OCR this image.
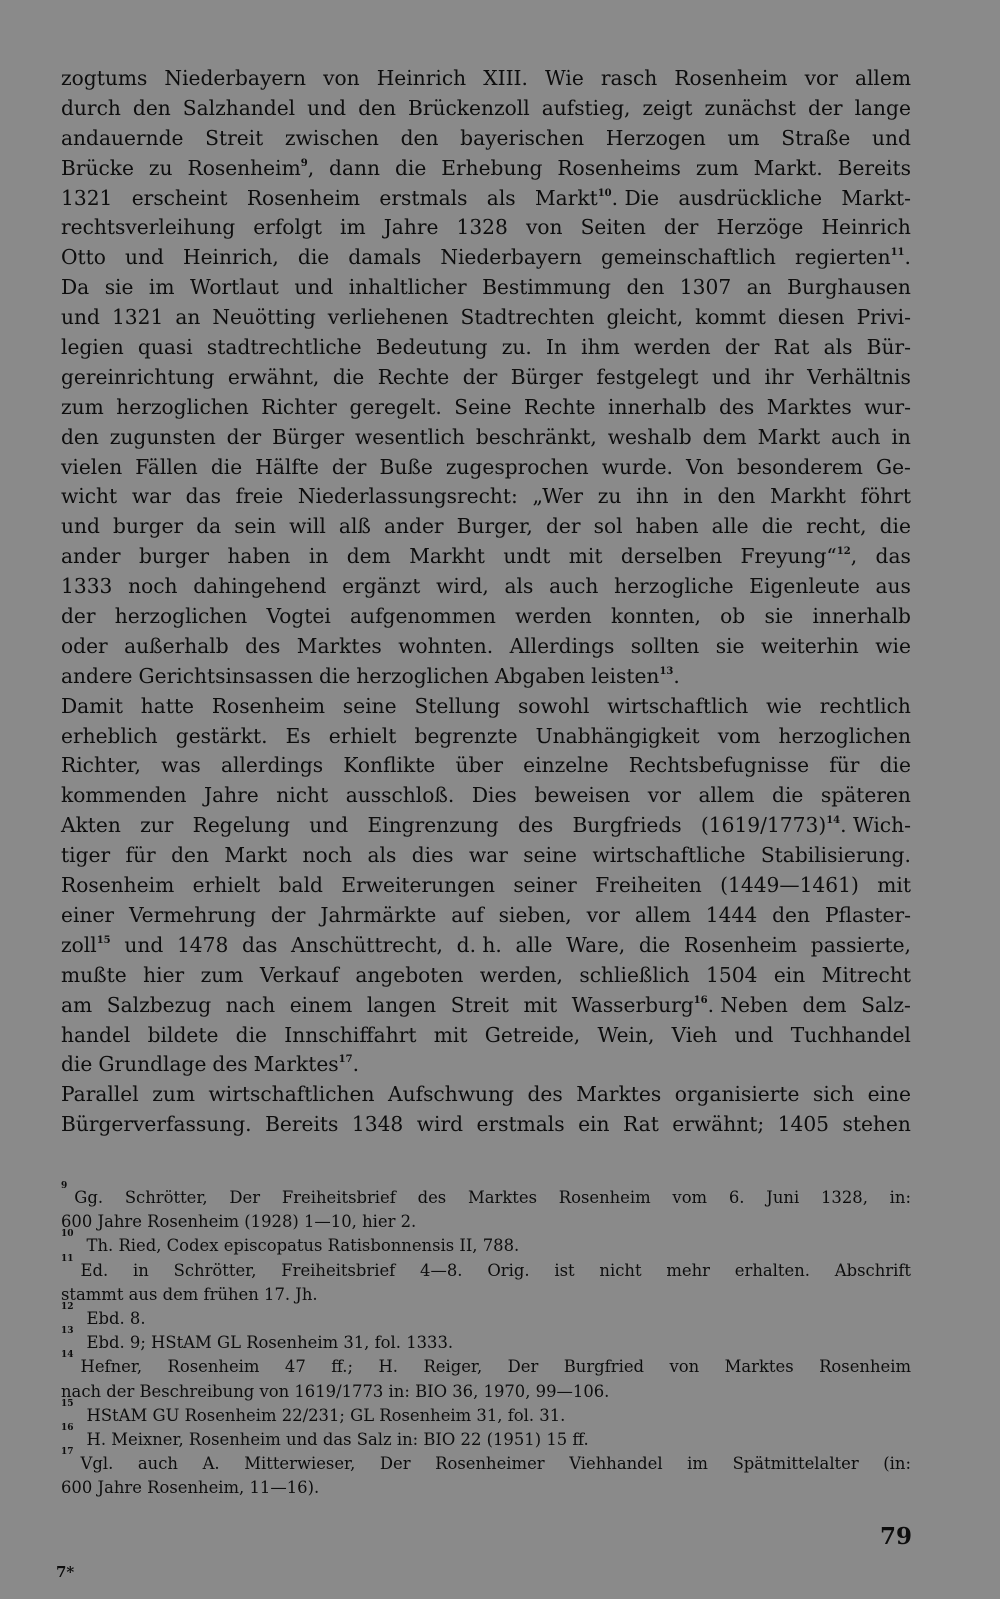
zogtums Niederbayern von Heinrich XIII. Wie rasch Rosenheim vor allem
durch den Salzhandel und den Brückenzoll aufstieg, zeigt zunächst der lange
andauernde Streit zwischen den bayerischen Herzogen um Straße und
Brücke zu Rosenheim$^9$, dann die Erhebung Rosenheims zum Markt. Bereits
1321 erscheint Rosenheim erstmals als Markt$^{10}$. Die ausdrückliche Markt-
rechtsverleihung erfolgt im Jahre 1328 von Seiten der Herzöge Heinrich
Otto und Heinrich, die damals Niederbayern gemeinschaftlich regierten$^{11}$.
Da sie im Wortlaut und inhaltlicher Bestimmung den 1307 an Burghausen
und 1321 an Neuötting verliehenen Stadtrechten gleicht, kommt diesen Privi-
legien quasi stadtrechtliche Bedeutung zu. In ihm werden der Rat als Bür-
gereinrichtung erwähnt, die Rechte der Bürger festgelegt und ihr Verhältnis
zum herzoglichen Richter geregelt. Seine Rechte innerhalb des Marktes wur-
den zugunsten der Bürger wesentlich beschränkt, weshalb dem Markt auch in
vielen Fällen die Hälfte der Buße zugesprochen wurde. Von besonderem Ge-
wicht war das freie Niederlassungsrecht: „Wer zu ihn in den Markht föhrt
und burger da sein will alß ander Burger, der sol haben alle die recht, die
ander burger haben in dem Markht undt mit derselben Freyung“$^{12}$, das
1333 noch dahingehend ergänzt wird, als auch herzogliche Eigenleute aus
der herzoglichen Vogtei aufgenommen werden konnten, ob sie innerhalb
oder außerhalb des Marktes wohnten. Allerdings sollten sie weiterhin wie
andere Gerichtsinsassen die herzoglichen Abgaben leisten$^{13}$.
Damit hatte Rosenheim seine Stellung sowohl wirtschaftlich wie rechtlich
erheblich gestärkt. Es erhielt begrenzte Unabhängigkeit vom herzoglichen
Richter, was allerdings Konflikte über einzelne Rechtsbefugnisse für die
kommenden Jahre nicht ausschloß. Dies beweisen vor allem die späteren
Akten zur Regelung und Eingrenzung des Burgfrieds (1619/1773)$^{14}$. Wich-
tiger für den Markt noch als dies war seine wirtschaftliche Stabilisierung.
Rosenheim erhielt bald Erweiterungen seiner Freiheiten (1449—1461) mit
einer Vermehrung der Jahrmärkte auf sieben, vor allem 1444 den Pflaster-
zoll$^{15}$ und 1478 das Anschüttrecht, d. h. alle Ware, die Rosenheim passierte,
mußte hier zum Verkauf angeboten werden, schließlich 1504 ein Mitrecht
am Salzbezug nach einem langen Streit mit Wasserburg$^{16}$. Neben dem Salz-
handel bildete die Innschiffahrt mit Getreide, Wein, Vieh und Tuchhandel
die Grundlage des Marktes$^{17}$.
Parallel zum wirtschaftlichen Aufschwung des Marktes organisierte sich eine
Bürgerverfassung. Bereits 1348 wird erstmals ein Rat erwähnt; 1405 stehen
9
Gg. Schrötter, Der Freiheitsbrief des Marktes Rosenheim vom 6. Juni 1328, in:
600 Jahre Rosenheim (1928) 1—10, hier 2.
10
Th. Ried, Codex episcopatus Ratisbonnensis II, 788.
11
Ed. in Schrötter, Freiheitsbrief 4—8. Orig. ist nicht mehr erhalten. Abschrift
stammt aus dem frühen 17. Jh.
12
Ebd. 8.
13
Ebd. 9; HStAM GL Rosenheim 31, fol. 1333.
14
Hefner, Rosenheim 47 ff.; H. Reiger, Der Burgfried von Marktes Rosenheim
nach der Beschreibung von 1619/1773 in: BIO 36, 1970, 99—106.
15
HStAM GU Rosenheim 22/231; GL Rosenheim 31, fol. 31.
16
H. Meixner, Rosenheim und das Salz in: BIO 22 (1951) 15 ff.
17
Vgl. auch A. Mitterwieser, Der Rosenheimer Viehhandel im Spätmittelalter (in:
600 Jahre Rosenheim, 11—16).
79
7*
